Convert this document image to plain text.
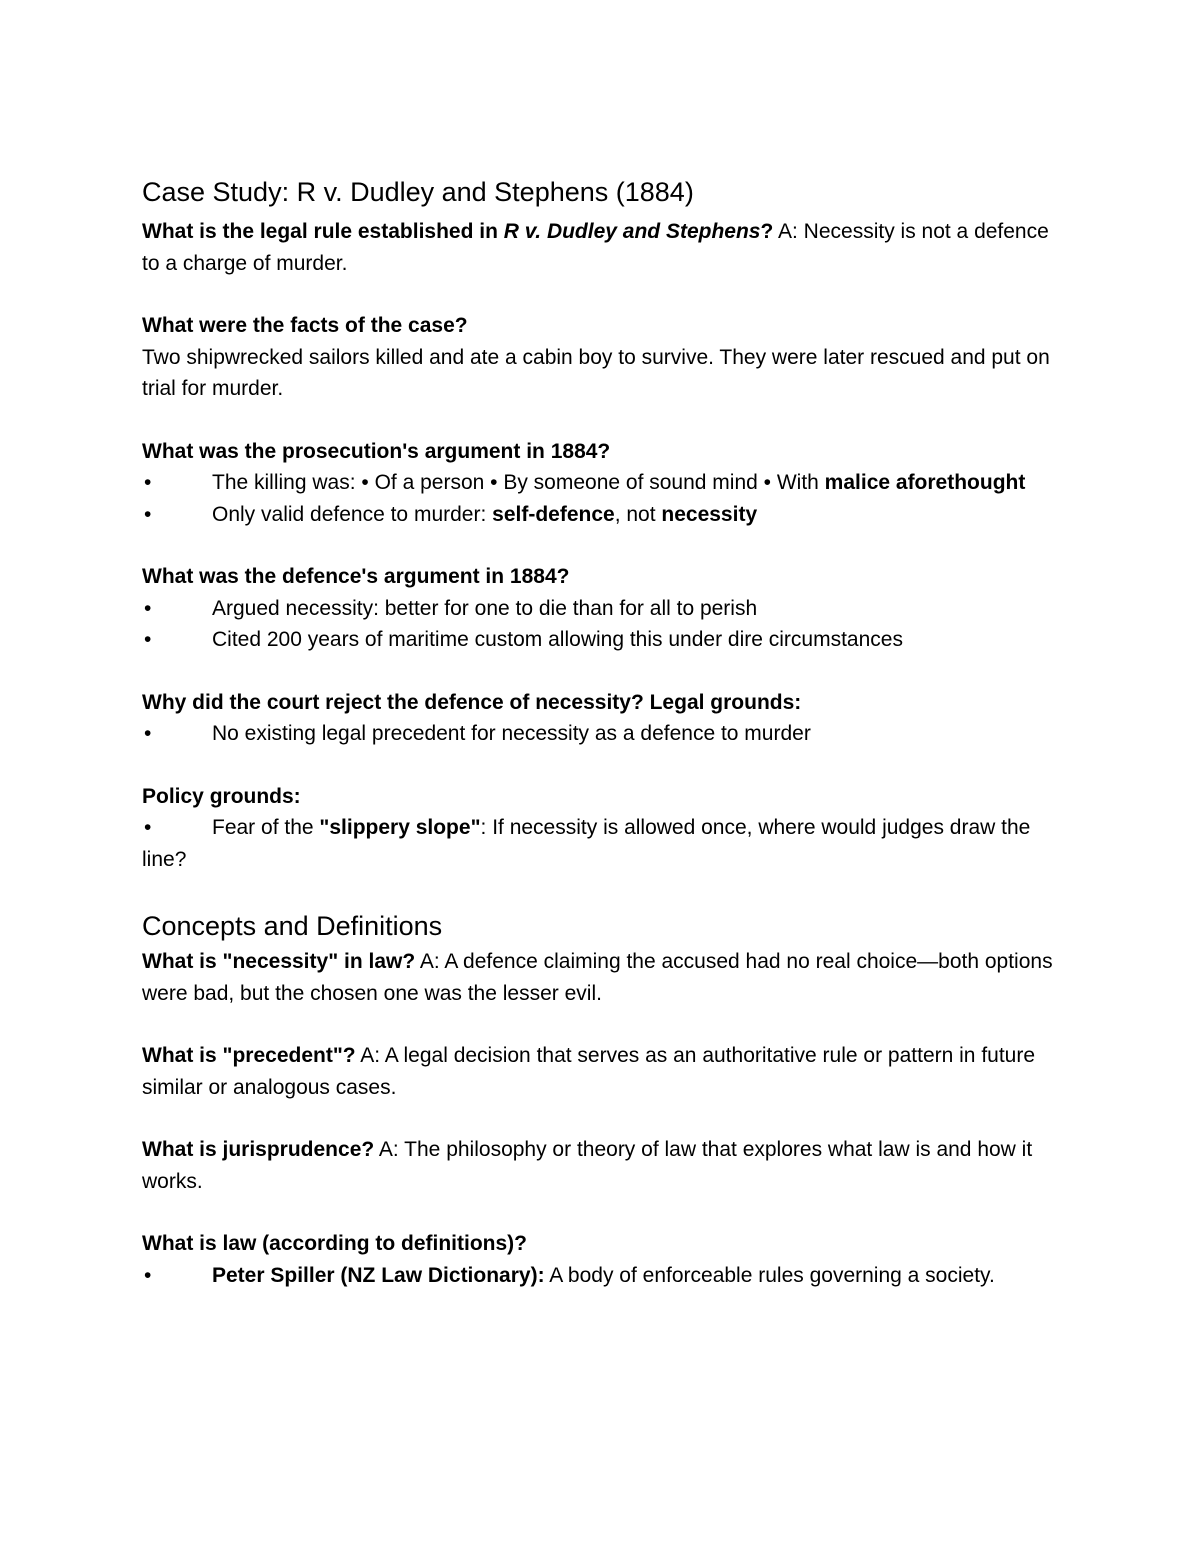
Case Study: R v. Dudley and Stephens (1884)

What is the legal rule established in R v. Dudley and Stephens? A: Necessity is not a defence to a charge of murder.

What were the facts of the case?

Two shipwrecked sailors killed and ate a cabin boy to survive. They were later rescued and put on trial for murder.

What was the prosecution's argument in 1884?

•	The killing was: • Of a person • By someone of sound mind • With malice aforethought

•	Only valid defence to murder: self-defence, not necessity

What was the defence's argument in 1884?

•	Argued necessity: better for one to die than for all to perish

•	Cited 200 years of maritime custom allowing this under dire circumstances

Why did the court reject the defence of necessity? Legal grounds:

•	No existing legal precedent for necessity as a defence to murder

Policy grounds:

•	Fear of the "slippery slope": If necessity is allowed once, where would judges draw the line?

Concepts and Definitions

What is "necessity" in law? A: A defence claiming the accused had no real choice—both options were bad, but the chosen one was the lesser evil.

What is "precedent"? A: A legal decision that serves as an authoritative rule or pattern in future similar or analogous cases.

What is jurisprudence? A: The philosophy or theory of law that explores what law is and how it works.

What is law (according to definitions)?

•	Peter Spiller (NZ Law Dictionary): A body of enforceable rules governing a society.
